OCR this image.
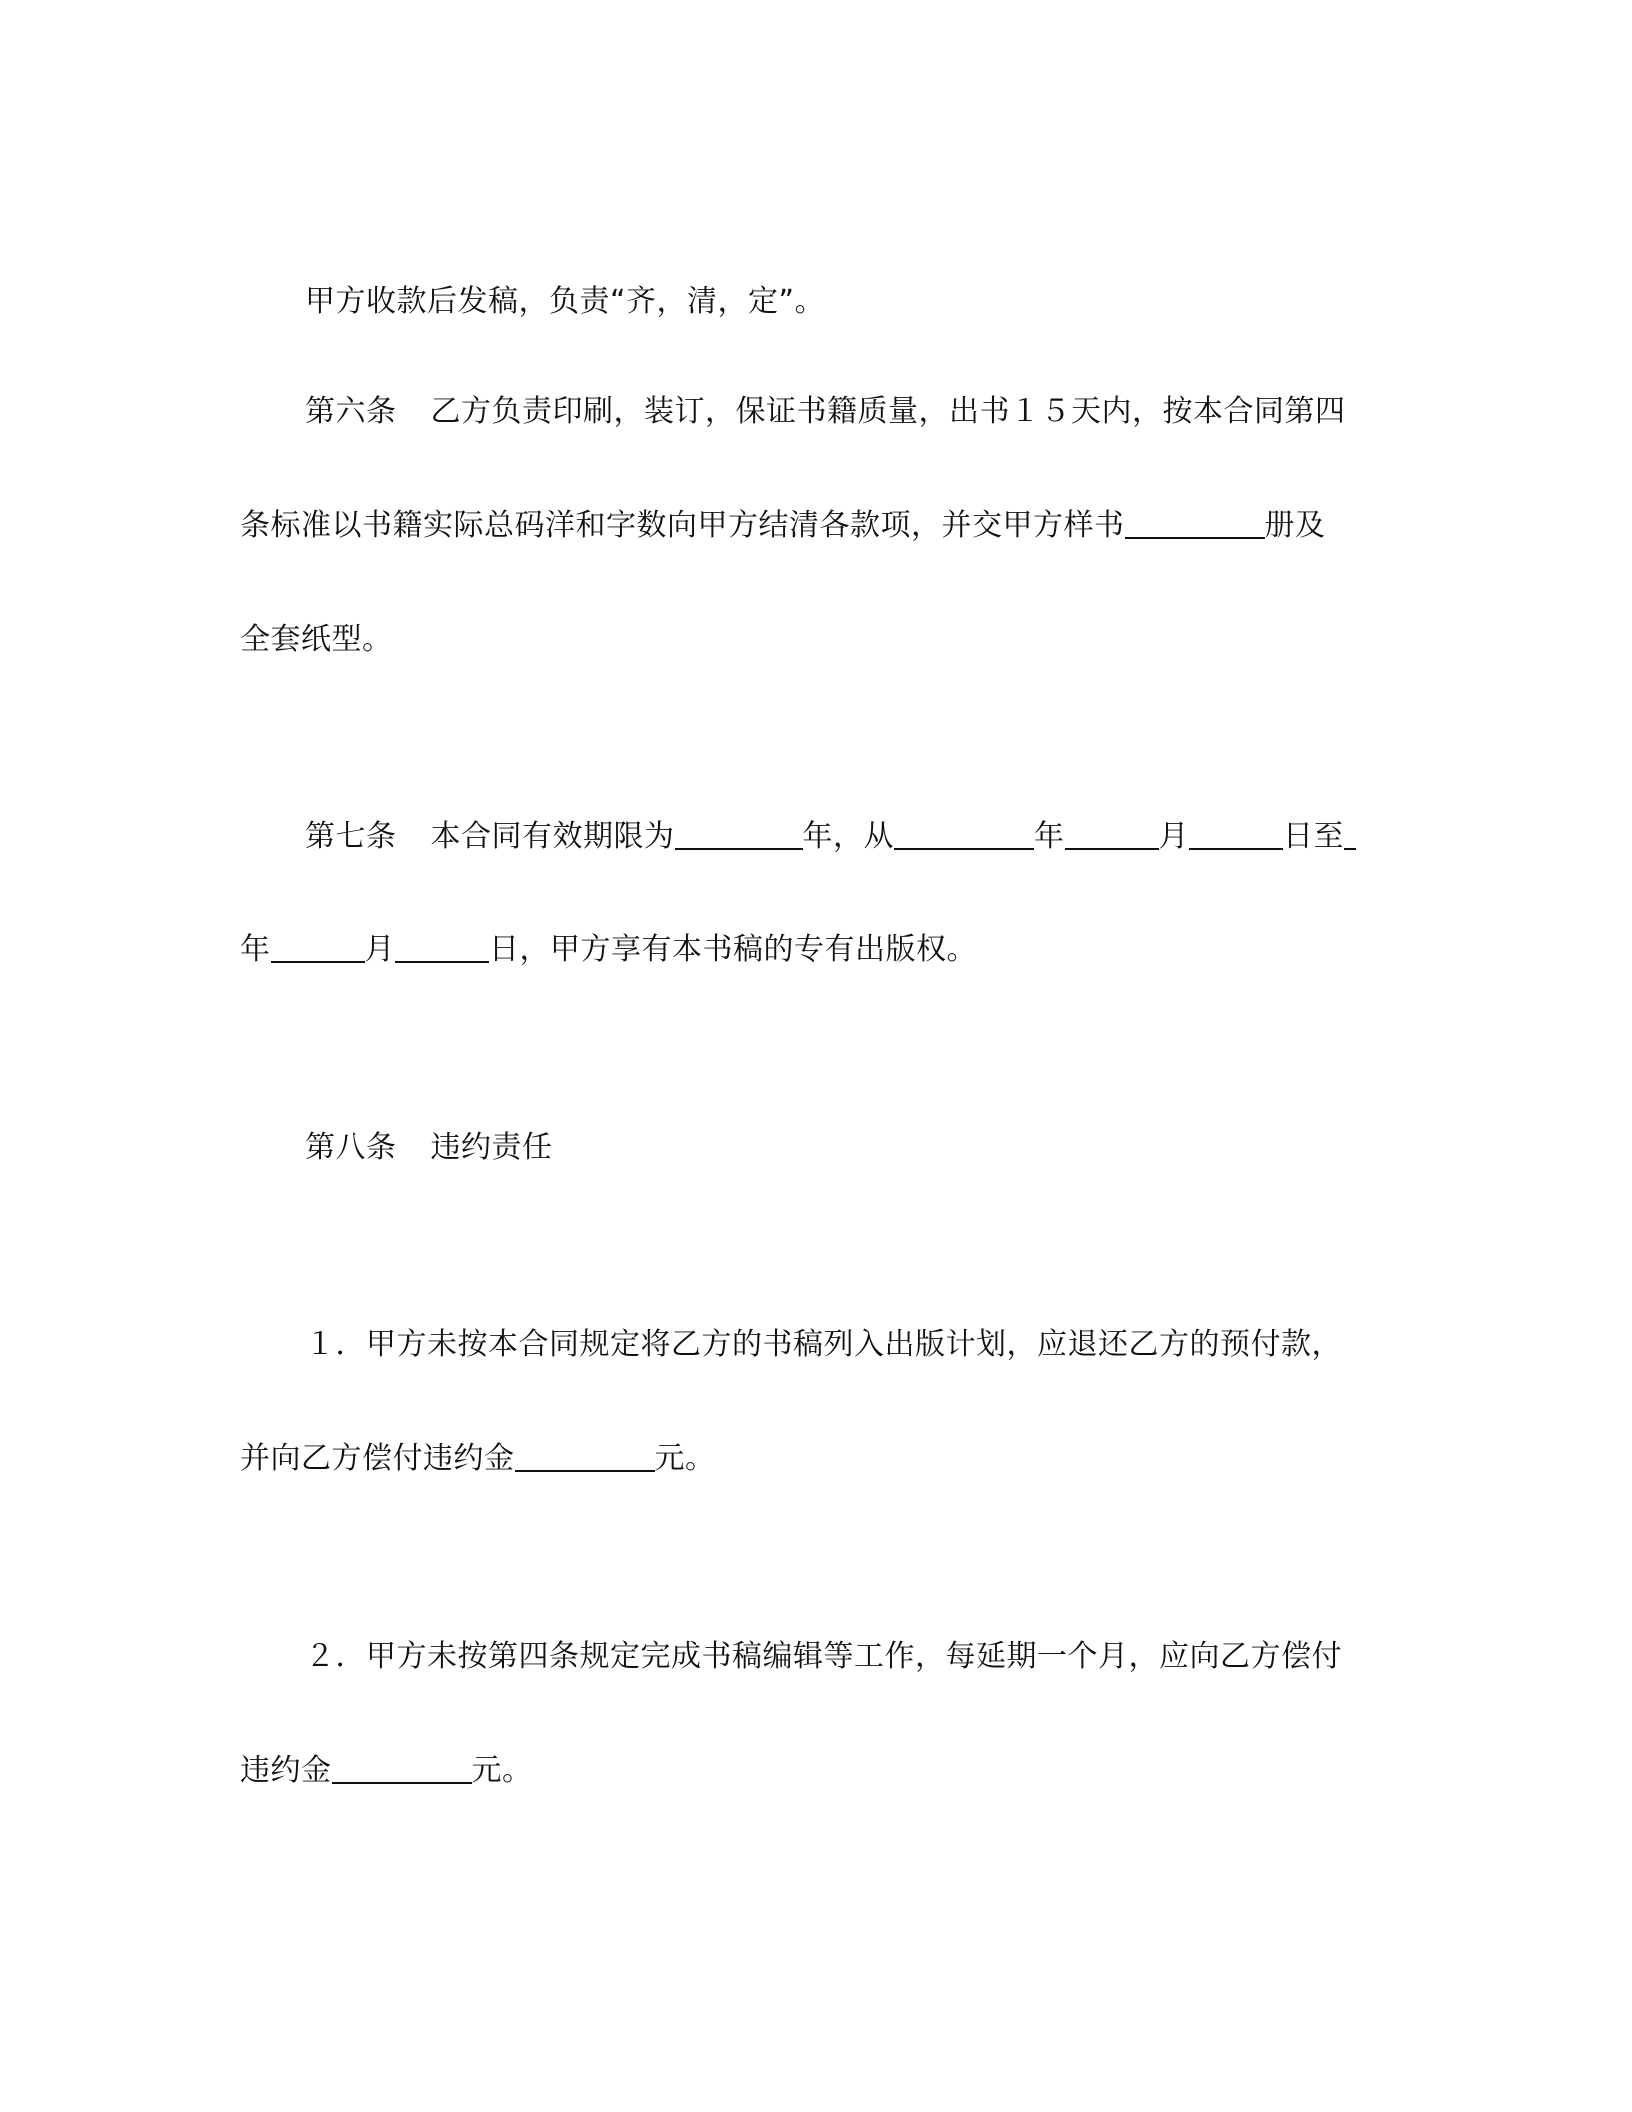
甲方收款后发稿，负责“齐，清，定”。
第六条 乙方负责印刷，装订，保证书籍质量，出书１５天内，按本合同第四
条标准以书籍实际总码洋和字数向甲方结清各款项，并交甲方样书	册及
全套纸型。
第七条 本合同有效期限为	年，从	年	月	日至
年	月	日，甲方享有本书稿的专有出版权。
第八条 违约责任
１．甲方未按本合同规定将乙方的书稿列入出版计划，应退还乙方的预付款，
并向乙方偿付违约金	元。
２．甲方未按第四条规定完成书稿编辑等工作，每延期一个月，应向乙方偿付
违约金	元。
